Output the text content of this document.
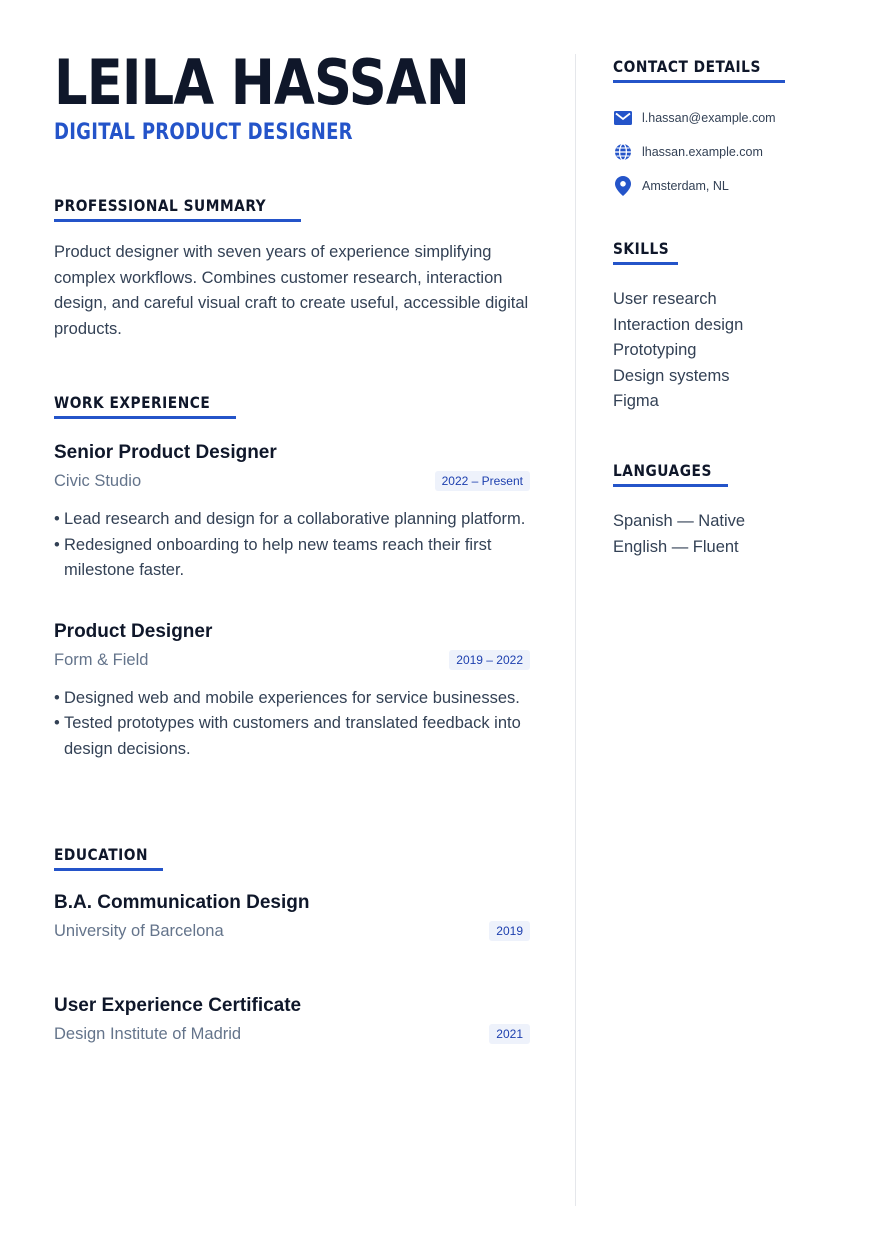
LEILA HASSAN
DIGITAL PRODUCT DESIGNER
PROFESSIONAL SUMMARY

Product designer with seven years of experience simplifying complex workflows. Combines customer research, interaction design, and careful visual craft to create useful, accessible digital products.

WORK EXPERIENCE
Senior Product Designer
Civic Studio	2022 – Present
• Lead research and design for a collaborative planning platform.
• Redesigned onboarding to help new teams reach their first milestone faster.
Product Designer
Form & Field	2019 – 2022
• Designed web and mobile experiences for service businesses.
• Tested prototypes with customers and translated feedback into design decisions.
EDUCATION
B.A. Communication Design
University of Barcelona	2019
User Experience Certificate
Design Institute of Madrid	2021
CONTACT DETAILS
l.hassan@example.com
lhassan.example.com
Amsterdam, NL
SKILLS
User research
Interaction design
Prototyping
Design systems
Figma
LANGUAGES
Spanish — Native
English — Fluent
